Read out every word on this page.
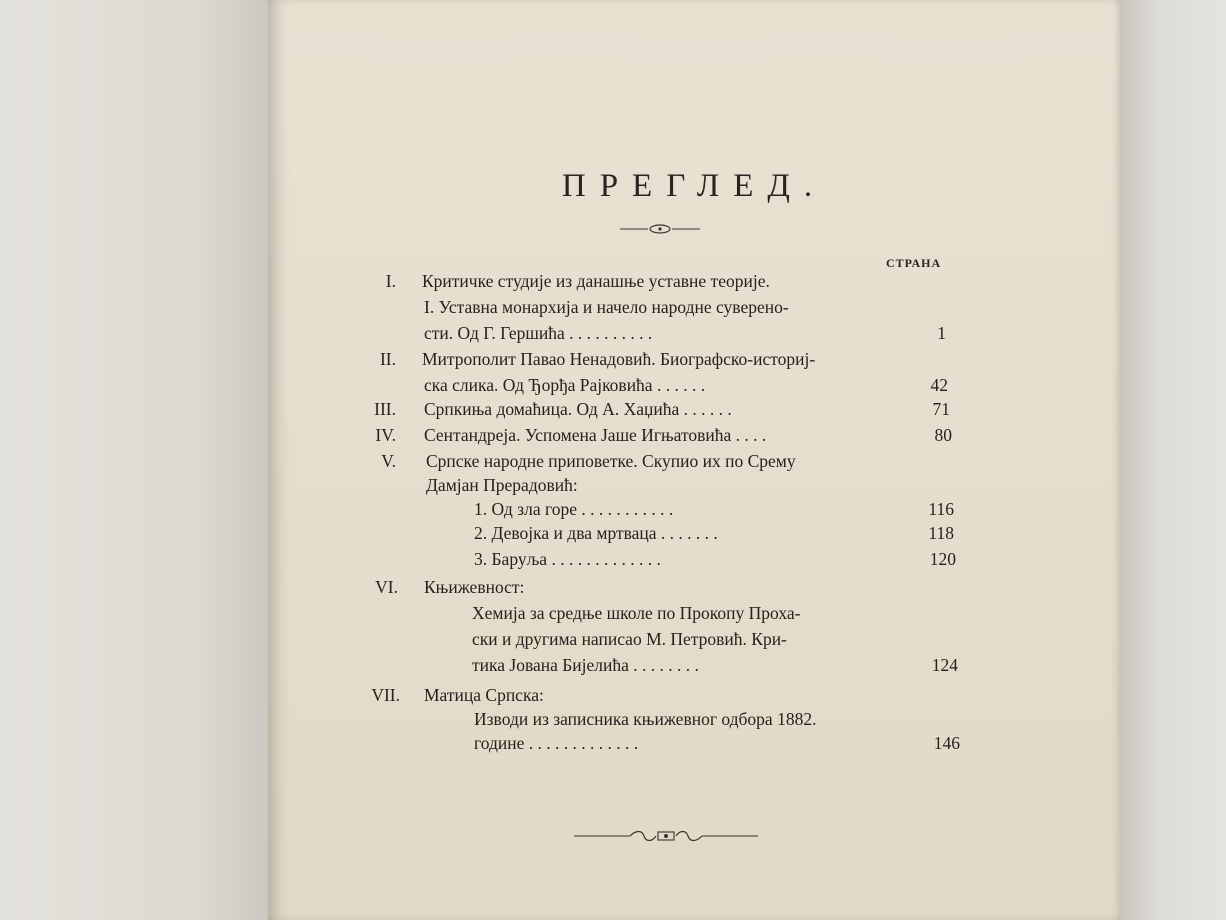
ПРЕГЛЕД.
СТРАНА
I. Критичке студије из данашње уставне теорије.
I. Уставна монархија и начело народне суверено-
сти. Од Г. Гершића . . . . . . . . . .	1
II. Митрополит Павао Ненадовић. Биографско-историј-
ска слика. Од Ђорђа Рајковића . . . . . .	42
III. Српкиња домаћица. Од А. Хаџића . . . . . .	71
IV. Сентандреја. Успомена Јаше Игњатовића . . . .	80
V. Српске народне приповетке. Скупио их по Срему
Дамјан Прерадовић:
1. Од зла горе . . . . . . . . . . .	116
2. Девојка и два мртваца . . . . . . .	118
3. Баруља . . . . . . . . . . . . .	120
VI. Књижевност:
Хемија за средње школе по Прокопу Проха-
ски и другима написао М. Петровић. Кри-
тика Јована Бијелића . . . . . . . .	124
VII. Матица Српска:
Изводи из записника књижевног одбора 1882.
године . . . . . . . . . . . . .	146
